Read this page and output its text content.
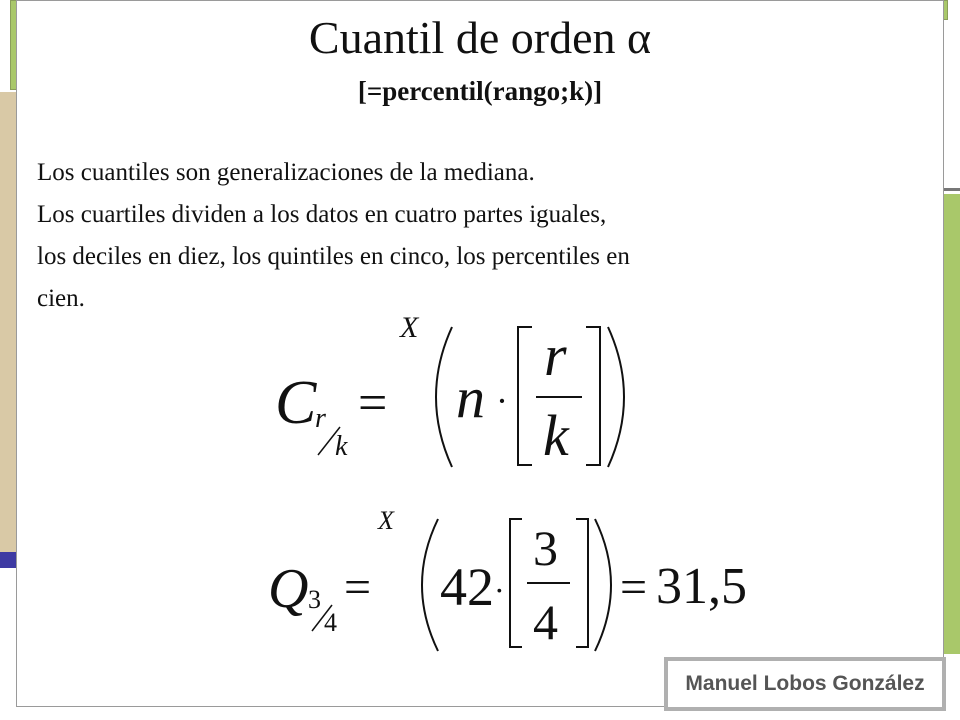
Cuantil de orden α
[=percentil(rango;k)]
Los cuantiles son generalizaciones de la mediana.
Los cuartiles dividen a los datos en cuatro partes iguales,
los deciles en diez, los quintiles en cinco, los percentiles en
cien.
C
r
k
=
X
n ·
r
k
Q 3
4
=
X
42 ·
3
4
= 31,5
Manuel Lobos González
